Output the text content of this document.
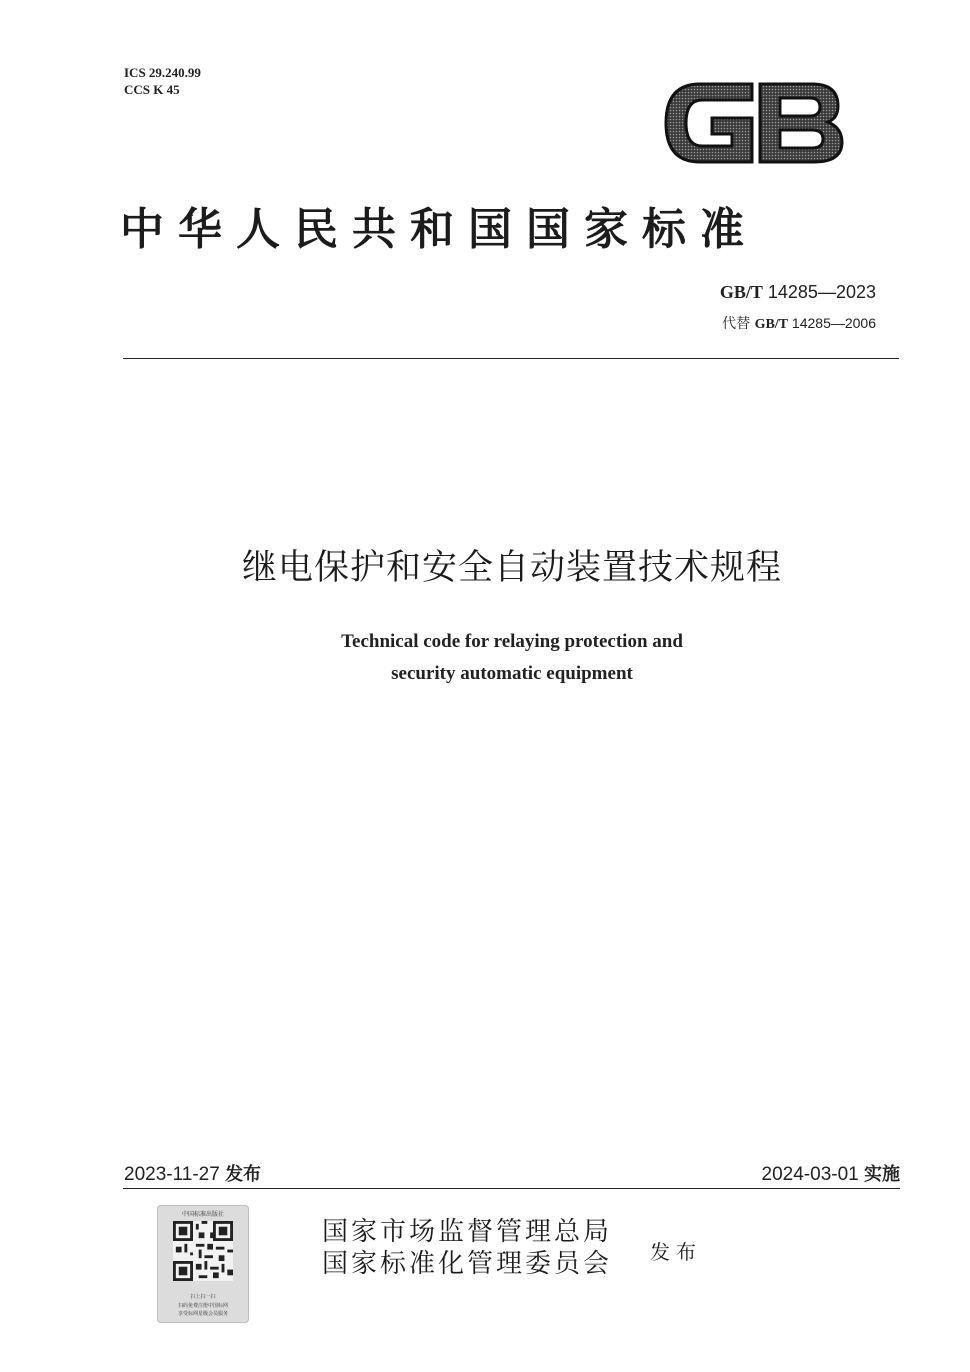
ICS 29.240.99
CCS K 45
中华人民共和国国家标准
GB/T 14285—2023
代替 GB/T 14285—2006
继电保护和安全自动装置技术规程
Technical code for relaying protection and
security automatic equipment
2023-11-27 发布	2024-03-01 实施
中国标准出版社
扫上扫一扫
扫码免费注册中国标网
享受标网星级会员服务
国家市场监督管理总局
国家标准化管理委员会 发布
